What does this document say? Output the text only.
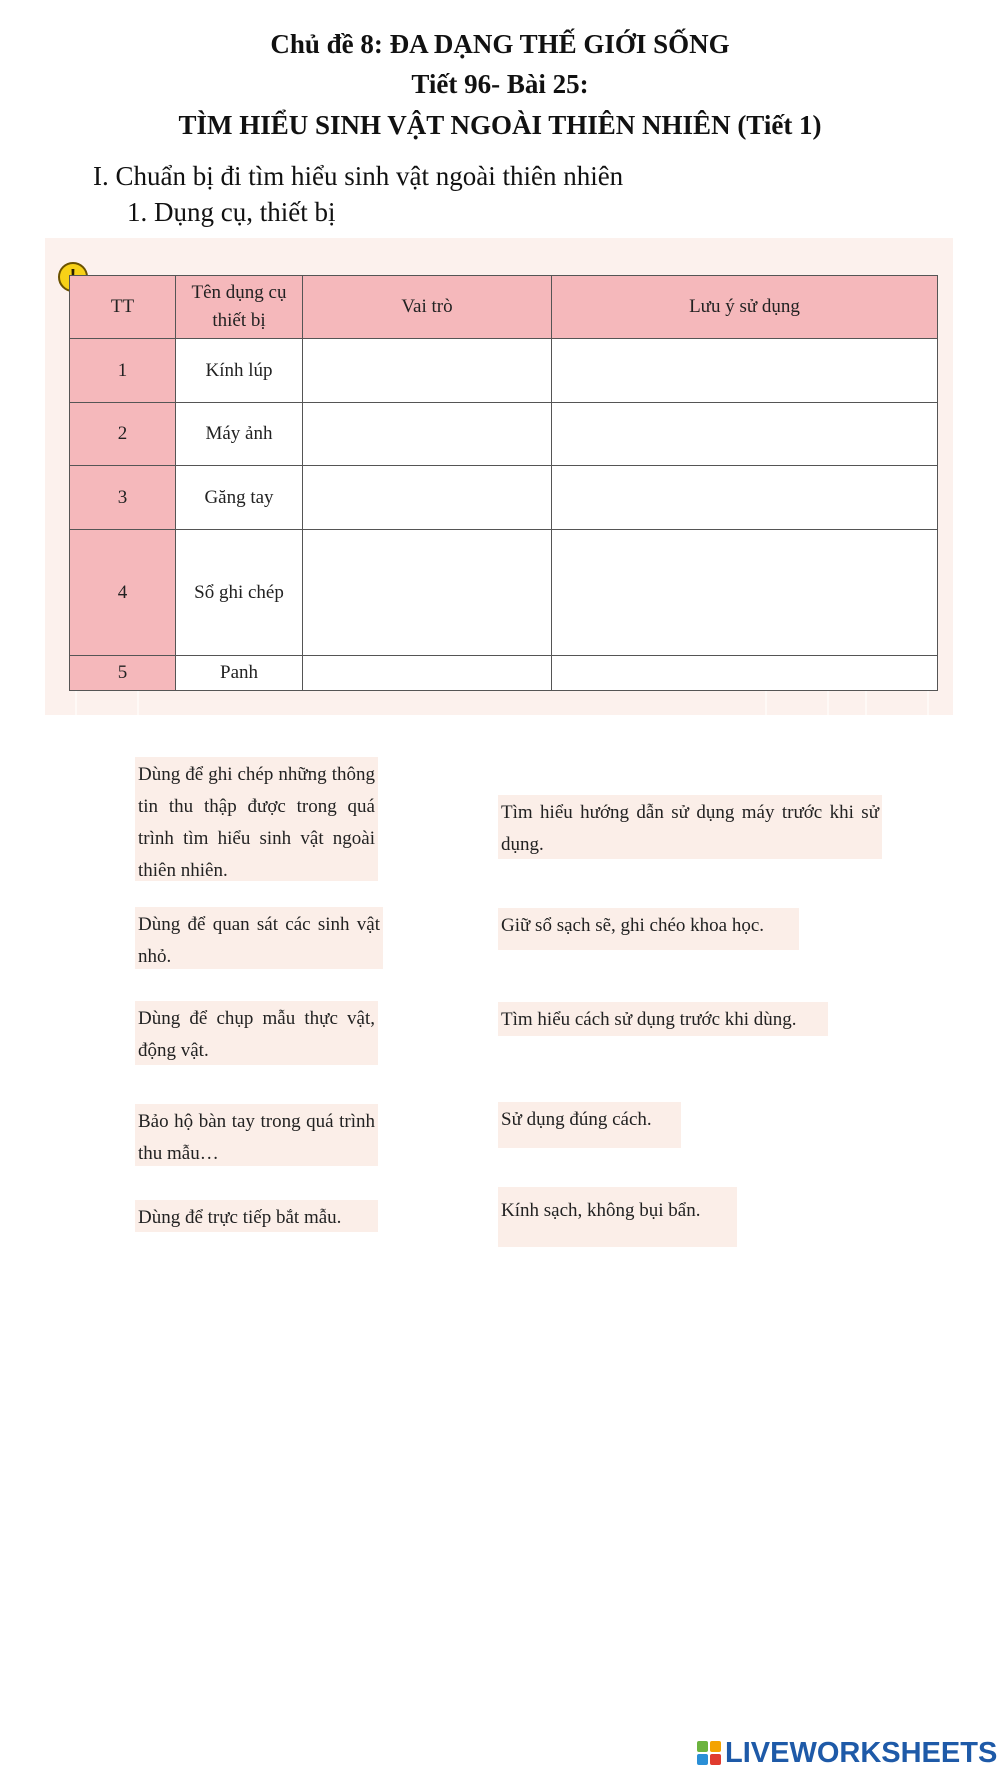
Chủ đề 8: ĐA DẠNG THẾ GIỚI SỐNG
Tiết 96- Bài 25:
TÌM HIỂU SINH VẬT NGOÀI THIÊN NHIÊN (Tiết 1)
I. Chuẩn bị đi tìm hiểu sinh vật ngoài thiên nhiên
1. Dụng cụ, thiết bị
TT	Tên dụng cụ thiết bị	Vai trò	Lưu ý sử dụng
1	Kính lúp		
2	Máy ảnh		
3	Găng tay		
4	Sổ ghi chép		
5	Panh		
Dùng để ghi chép những thông tin thu thập được trong quá trình tìm hiểu sinh vật ngoài thiên nhiên.
Dùng để quan sát các sinh vật nhỏ.
Dùng để chụp mẫu thực vật, động vật.
Bảo hộ bàn tay trong quá trình thu mẫu…
Dùng để trực tiếp bắt mẫu.
Tìm hiểu hướng dẫn sử dụng máy trước khi sử dụng.
Giữ sổ sạch sẽ, ghi chéo khoa học.
Tìm hiểu cách sử dụng trước khi dùng.
Sử dụng đúng cách.
Kính sạch, không bụi bẩn.
LIVEWORKSHEETS
